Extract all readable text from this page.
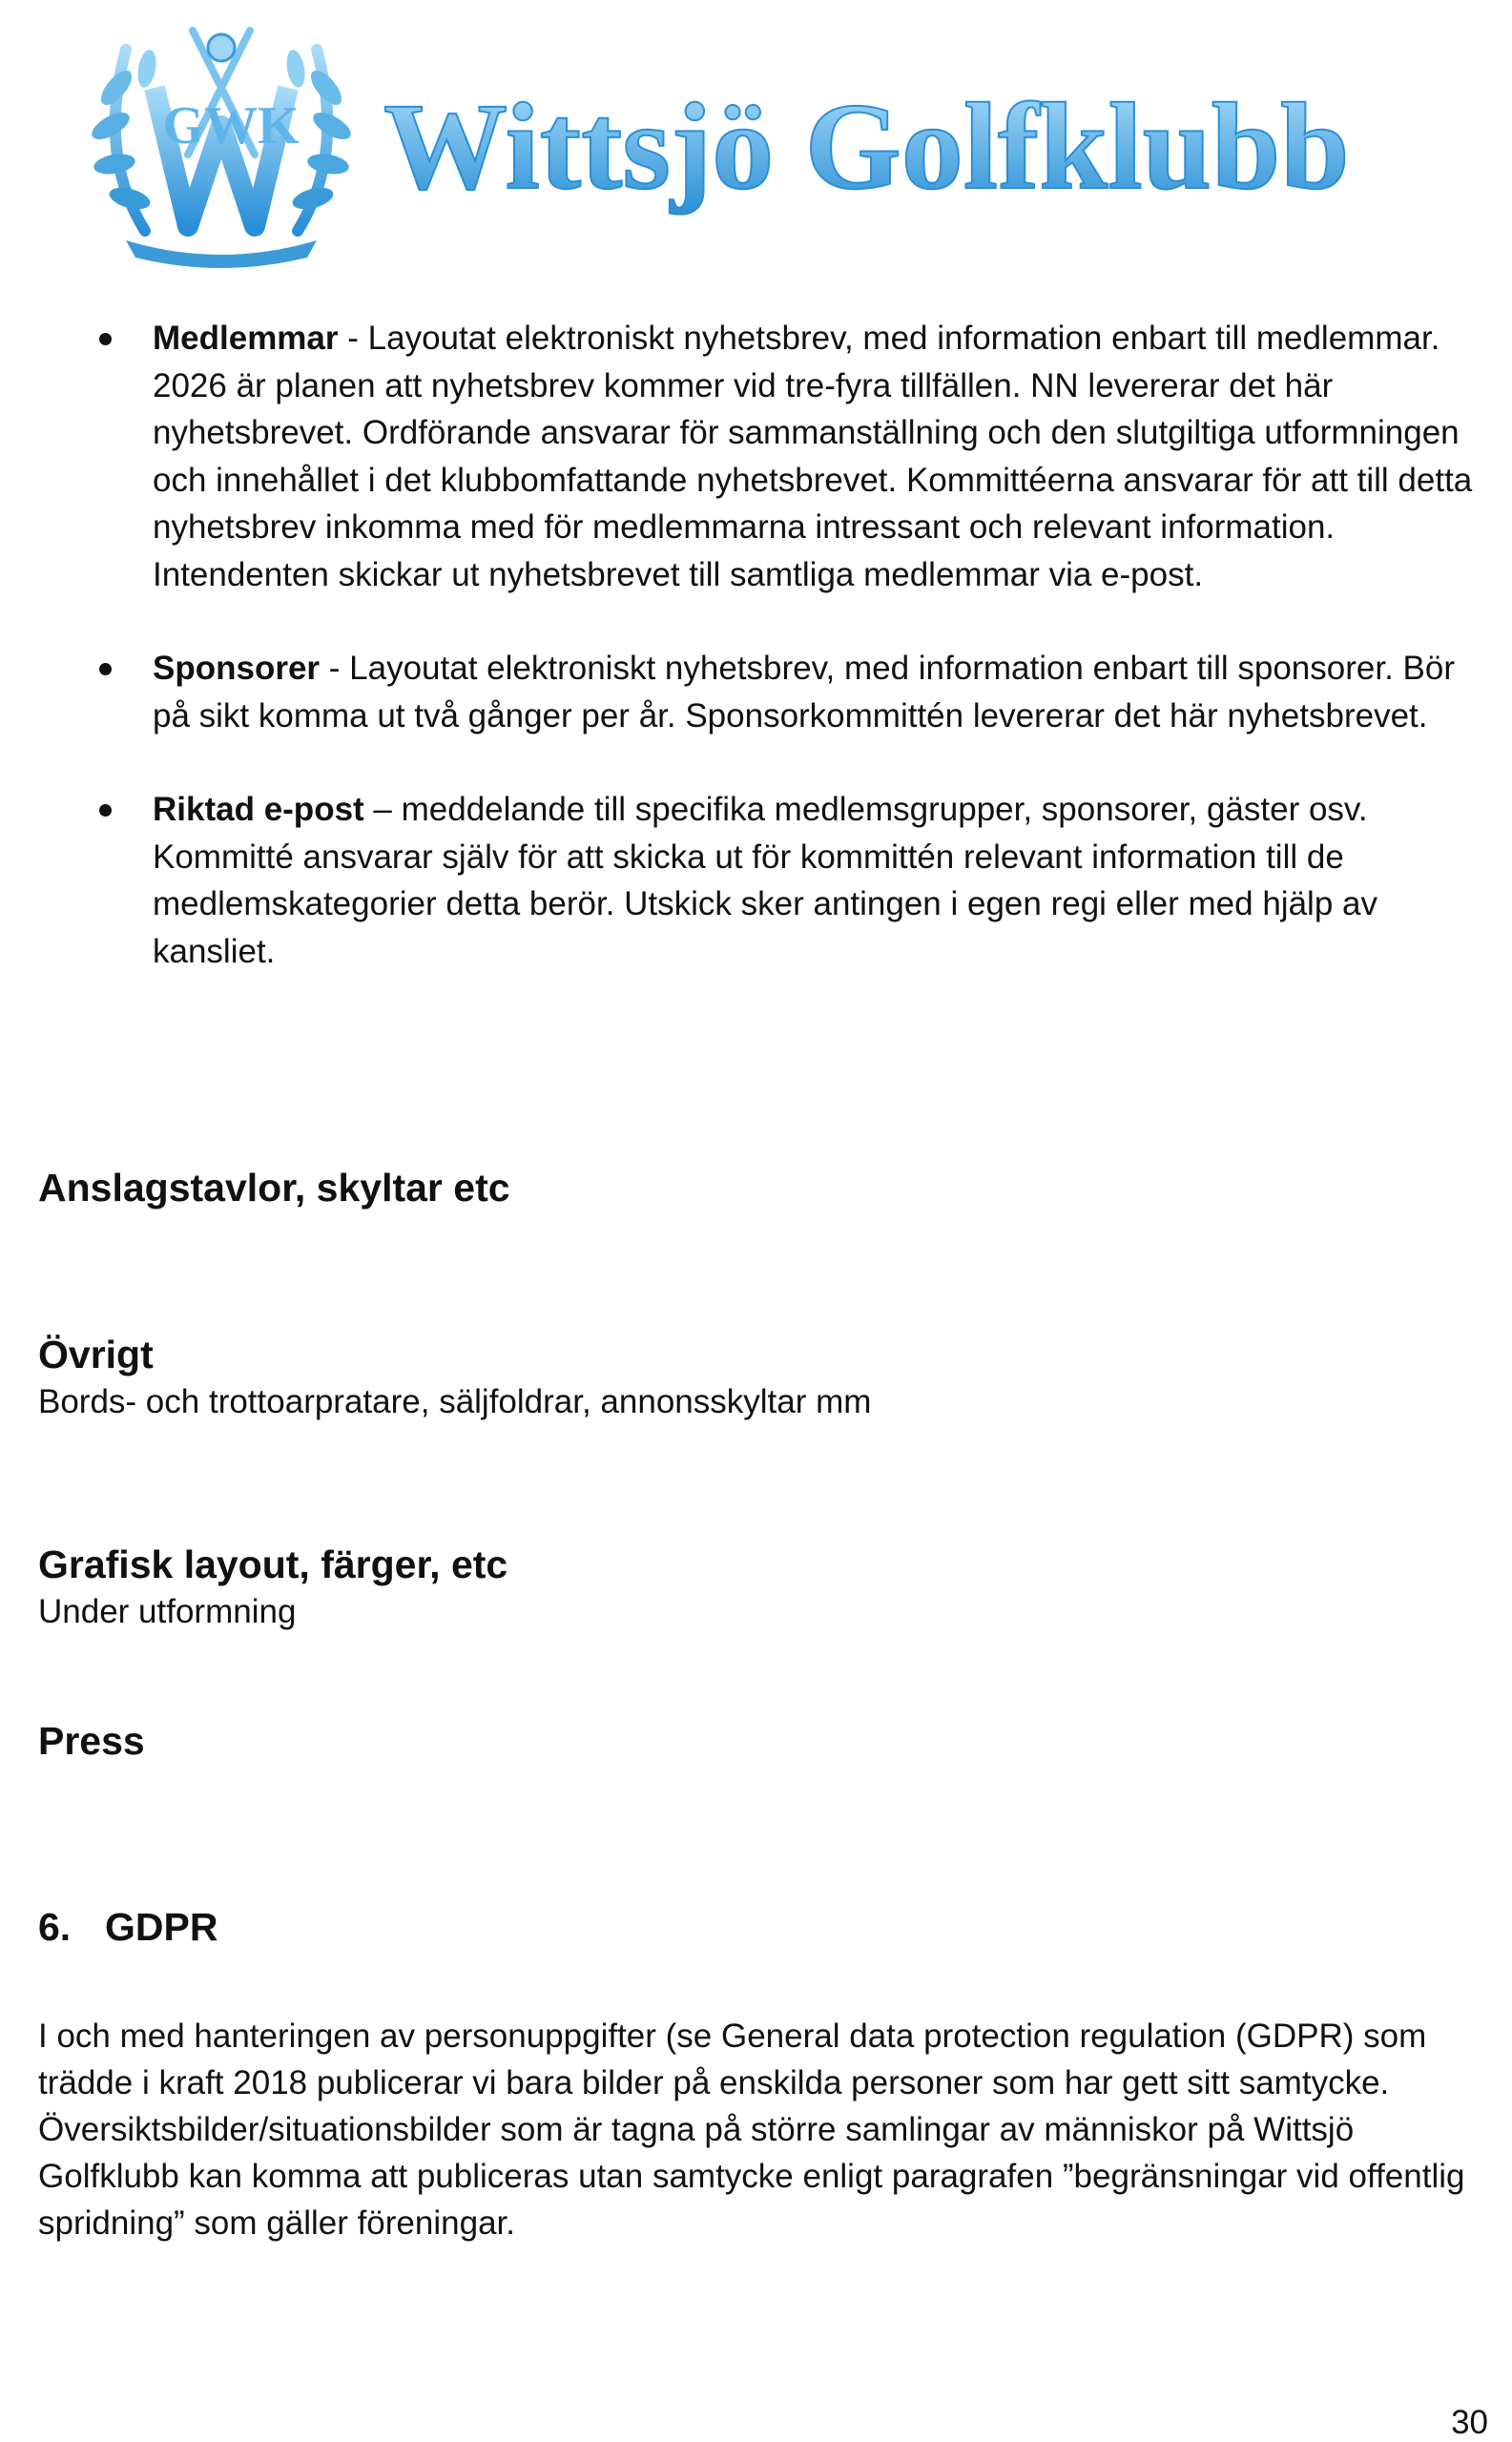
GWK Wittsjö Golfklubb
Medlemmar - Layoutat elektroniskt nyhetsbrev, med information enbart till medlemmar. 2026 är planen att nyhetsbrev kommer vid tre-fyra tillfällen. NN levererar det här nyhetsbrevet. Ordförande ansvarar för sammanställning och den slutgiltiga utformningen och innehållet i det klubbomfattande nyhetsbrevet. Kommittéerna ansvarar för att till detta nyhetsbrev inkomma med för medlemmarna intressant och relevant information. Intendenten skickar ut nyhetsbrevet till samtliga medlemmar via e-post.
Sponsorer - Layoutat elektroniskt nyhetsbrev, med information enbart till sponsorer. Bör på sikt komma ut två gånger per år. Sponsorkommittén levererar det här nyhetsbrevet.
Riktad e-post – meddelande till specifika medlemsgrupper, sponsorer, gäster osv. Kommitté ansvarar själv för att skicka ut för kommittén relevant information till de medlemskategorier detta berör. Utskick sker antingen i egen regi eller med hjälp av kansliet.
Anslagstavlor, skyltar etc
Övrigt

Bords- och trottoarpratare, säljfoldrar, annonsskyltar mm

Grafisk layout, färger, etc

Under utformning

Press
6. GDPR

I och med hanteringen av personuppgifter (se General data protection regulation (GDPR) som trädde i kraft 2018 publicerar vi bara bilder på enskilda personer som har gett sitt samtycke. Översiktsbilder/situationsbilder som är tagna på större samlingar av människor på Wittsjö Golfklubb kan komma att publiceras utan samtycke enligt paragrafen ”begränsningar vid offentlig spridning” som gäller föreningar.

30
